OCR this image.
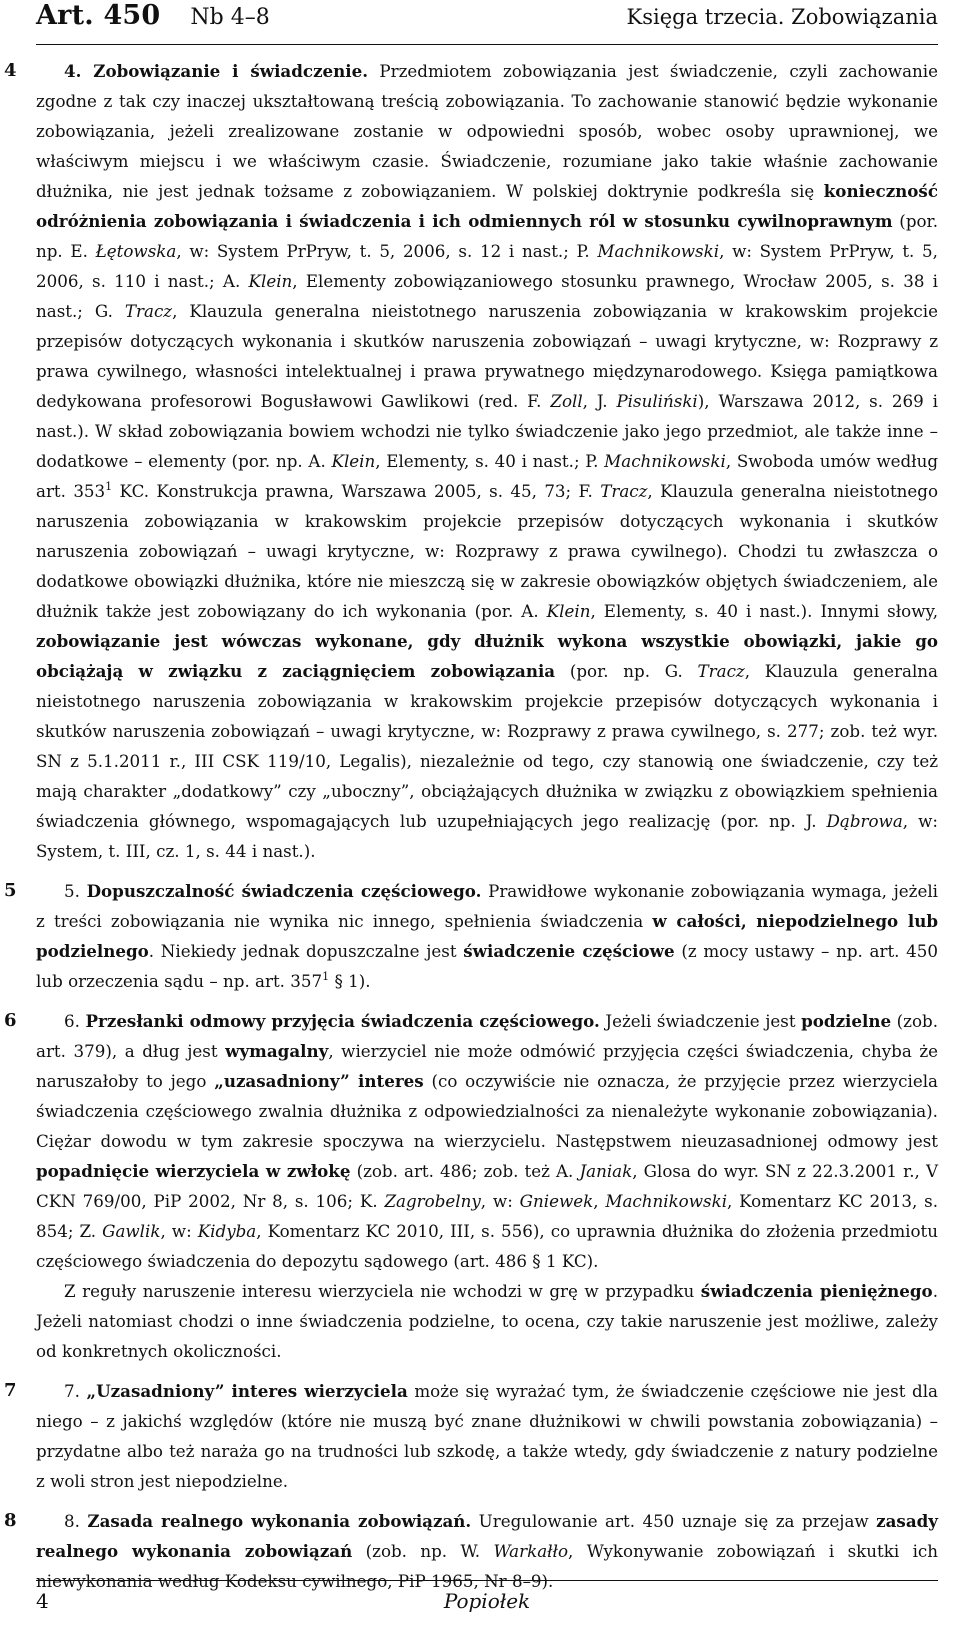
Art. 450 Nb 4–8	Księga trzecia. Zobowiązania

4	4. Zobowiązanie i świadczenie. Przedmiotem zobowiązania jest świadczenie, czyli zachowanie zgodne z tak czy inaczej ukształtowaną treścią zobowiązania. To zachowanie stanowić będzie wykonanie zobowiązania, jeżeli zrealizowane zostanie w odpowiedni sposób, wobec osoby uprawnionej, we właściwym miejscu i we właściwym czasie. Świadczenie, rozumiane jako takie właśnie zachowanie dłużnika, nie jest jednak tożsame z zobowiązaniem. W polskiej doktrynie podkreśla się konieczność odróżnienia zobowiązania i świadczenia i ich odmiennych ról w stosunku cywilnoprawnym (por. np. E. Łętowska, w: System PrPryw, t. 5, 2006, s. 12 i nast.; P. Machnikowski, w: System PrPryw, t. 5, 2006, s. 110 i nast.; A. Klein, Elementy zobowiązaniowego stosunku prawnego, Wrocław 2005, s. 38 i nast.; G. Tracz, Klauzula generalna nieistotnego naruszenia zobowiązania w krakowskim projekcie przepisów dotyczących wykonania i skutków naruszenia zobowiązań – uwagi krytyczne, w: Rozprawy z prawa cywilnego, własności intelektualnej i prawa prywatnego międzynarodowego. Księga pamiątkowa dedykowana profesorowi Bogusławowi Gawlikowi (red. F. Zoll, J. Pisuliński), Warszawa 2012, s. 269 i nast.). W skład zobowiązania bowiem wchodzi nie tylko świadczenie jako jego przedmiot, ale także inne – dodatkowe – elementy (por. np. A. Klein, Elementy, s. 40 i nast.; P. Machnikowski, Swoboda umów według art. $353^1$ KC. Konstrukcja prawna, Warszawa 2005, s. 45, 73; F. Tracz, Klauzula generalna nieistotnego naruszenia zobowiązania w krakowskim projekcie przepisów dotyczących wykonania i skutków naruszenia zobowiązań – uwagi krytyczne, w: Rozprawy z prawa cywilnego). Chodzi tu zwłaszcza o dodatkowe obowiązki dłużnika, które nie mieszczą się w zakresie obowiązków objętych świadczeniem, ale dłużnik także jest zobowiązany do ich wykonania (por. A. Klein, Elementy, s. 40 i nast.). Innymi słowy, zobowiązanie jest wówczas wykonane, gdy dłużnik wykona wszystkie obowiązki, jakie go obciążają w związku z zaciągnięciem zobowiązania (por. np. G. Tracz, Klauzula generalna nieistotnego naruszenia zobowiązania w krakowskim projekcie przepisów dotyczących wykonania i skutków naruszenia zobowiązań – uwagi krytyczne, w: Rozprawy z prawa cywilnego, s. 277; zob. też wyr. SN z 5.1.2011 r., III CSK 119/10, Legalis), niezależnie od tego, czy stanowią one świadczenie, czy też mają charakter „dodatkowy” czy „uboczny”, obciążających dłużnika w związku z obowiązkiem spełnienia świadczenia głównego, wspomagających lub uzupełniających jego realizację (por. np. J. Dąbrowa, w: System, t. III, cz. 1, s. 44 i nast.).

5	5. Dopuszczalność świadczenia częściowego. Prawidłowe wykonanie zobowiązania wymaga, jeżeli z treści zobowiązania nie wynika nic innego, spełnienia świadczenia w całości, niepodzielnego lub podzielnego. Niekiedy jednak dopuszczalne jest świadczenie częściowe (z mocy ustawy – np. art. 450 lub orzeczenia sądu – np. art. $357^1$ § 1).

6	6. Przesłanki odmowy przyjęcia świadczenia częściowego. Jeżeli świadczenie jest podzielne (zob. art. 379), a dług jest wymagalny, wierzyciel nie może odmówić przyjęcia części świadczenia, chyba że naruszałoby to jego „uzasadniony” interes (co oczywiście nie oznacza, że przyjęcie przez wierzyciela świadczenia częściowego zwalnia dłużnika z odpowiedzialności za nienależyte wykonanie zobowiązania). Ciężar dowodu w tym zakresie spoczywa na wierzycielu. Następstwem nieuzasadnionej odmowy jest popadnięcie wierzyciela w zwłokę (zob. art. 486; zob. też A. Janiak, Glosa do wyr. SN z 22.3.2001 r., V CKN 769/00, PiP 2002, Nr 8, s. 106; K. Zagrobelny, w: Gniewek, Machnikowski, Komentarz KC 2013, s. 854; Z. Gawlik, w: Kidyba, Komentarz KC 2010, III, s. 556), co uprawnia dłużnika do złożenia przedmiotu częściowego świadczenia do depozytu sądowego (art. 486 § 1 KC).

Z reguły naruszenie interesu wierzyciela nie wchodzi w grę w przypadku świadczenia pieniężnego. Jeżeli natomiast chodzi o inne świadczenia podzielne, to ocena, czy takie naruszenie jest możliwe, zależy od konkretnych okoliczności.

7	7. „Uzasadniony” interes wierzyciela może się wyrażać tym, że świadczenie częściowe nie jest dla niego – z jakichś względów (które nie muszą być znane dłużnikowi w chwili powstania zobowiązania) – przydatne albo też naraża go na trudności lub szkodę, a także wtedy, gdy świadczenie z natury podzielne z woli stron jest niepodzielne.

8	8. Zasada realnego wykonania zobowiązań. Uregulowanie art. 450 uznaje się za przejaw zasady realnego wykonania zobowiązań (zob. np. W. Warkałło, Wykonywanie zobowiązań i skutki ich niewykonania według Kodeksu cywilnego, PiP 1965, Nr 8–9).

4	Popiołek
